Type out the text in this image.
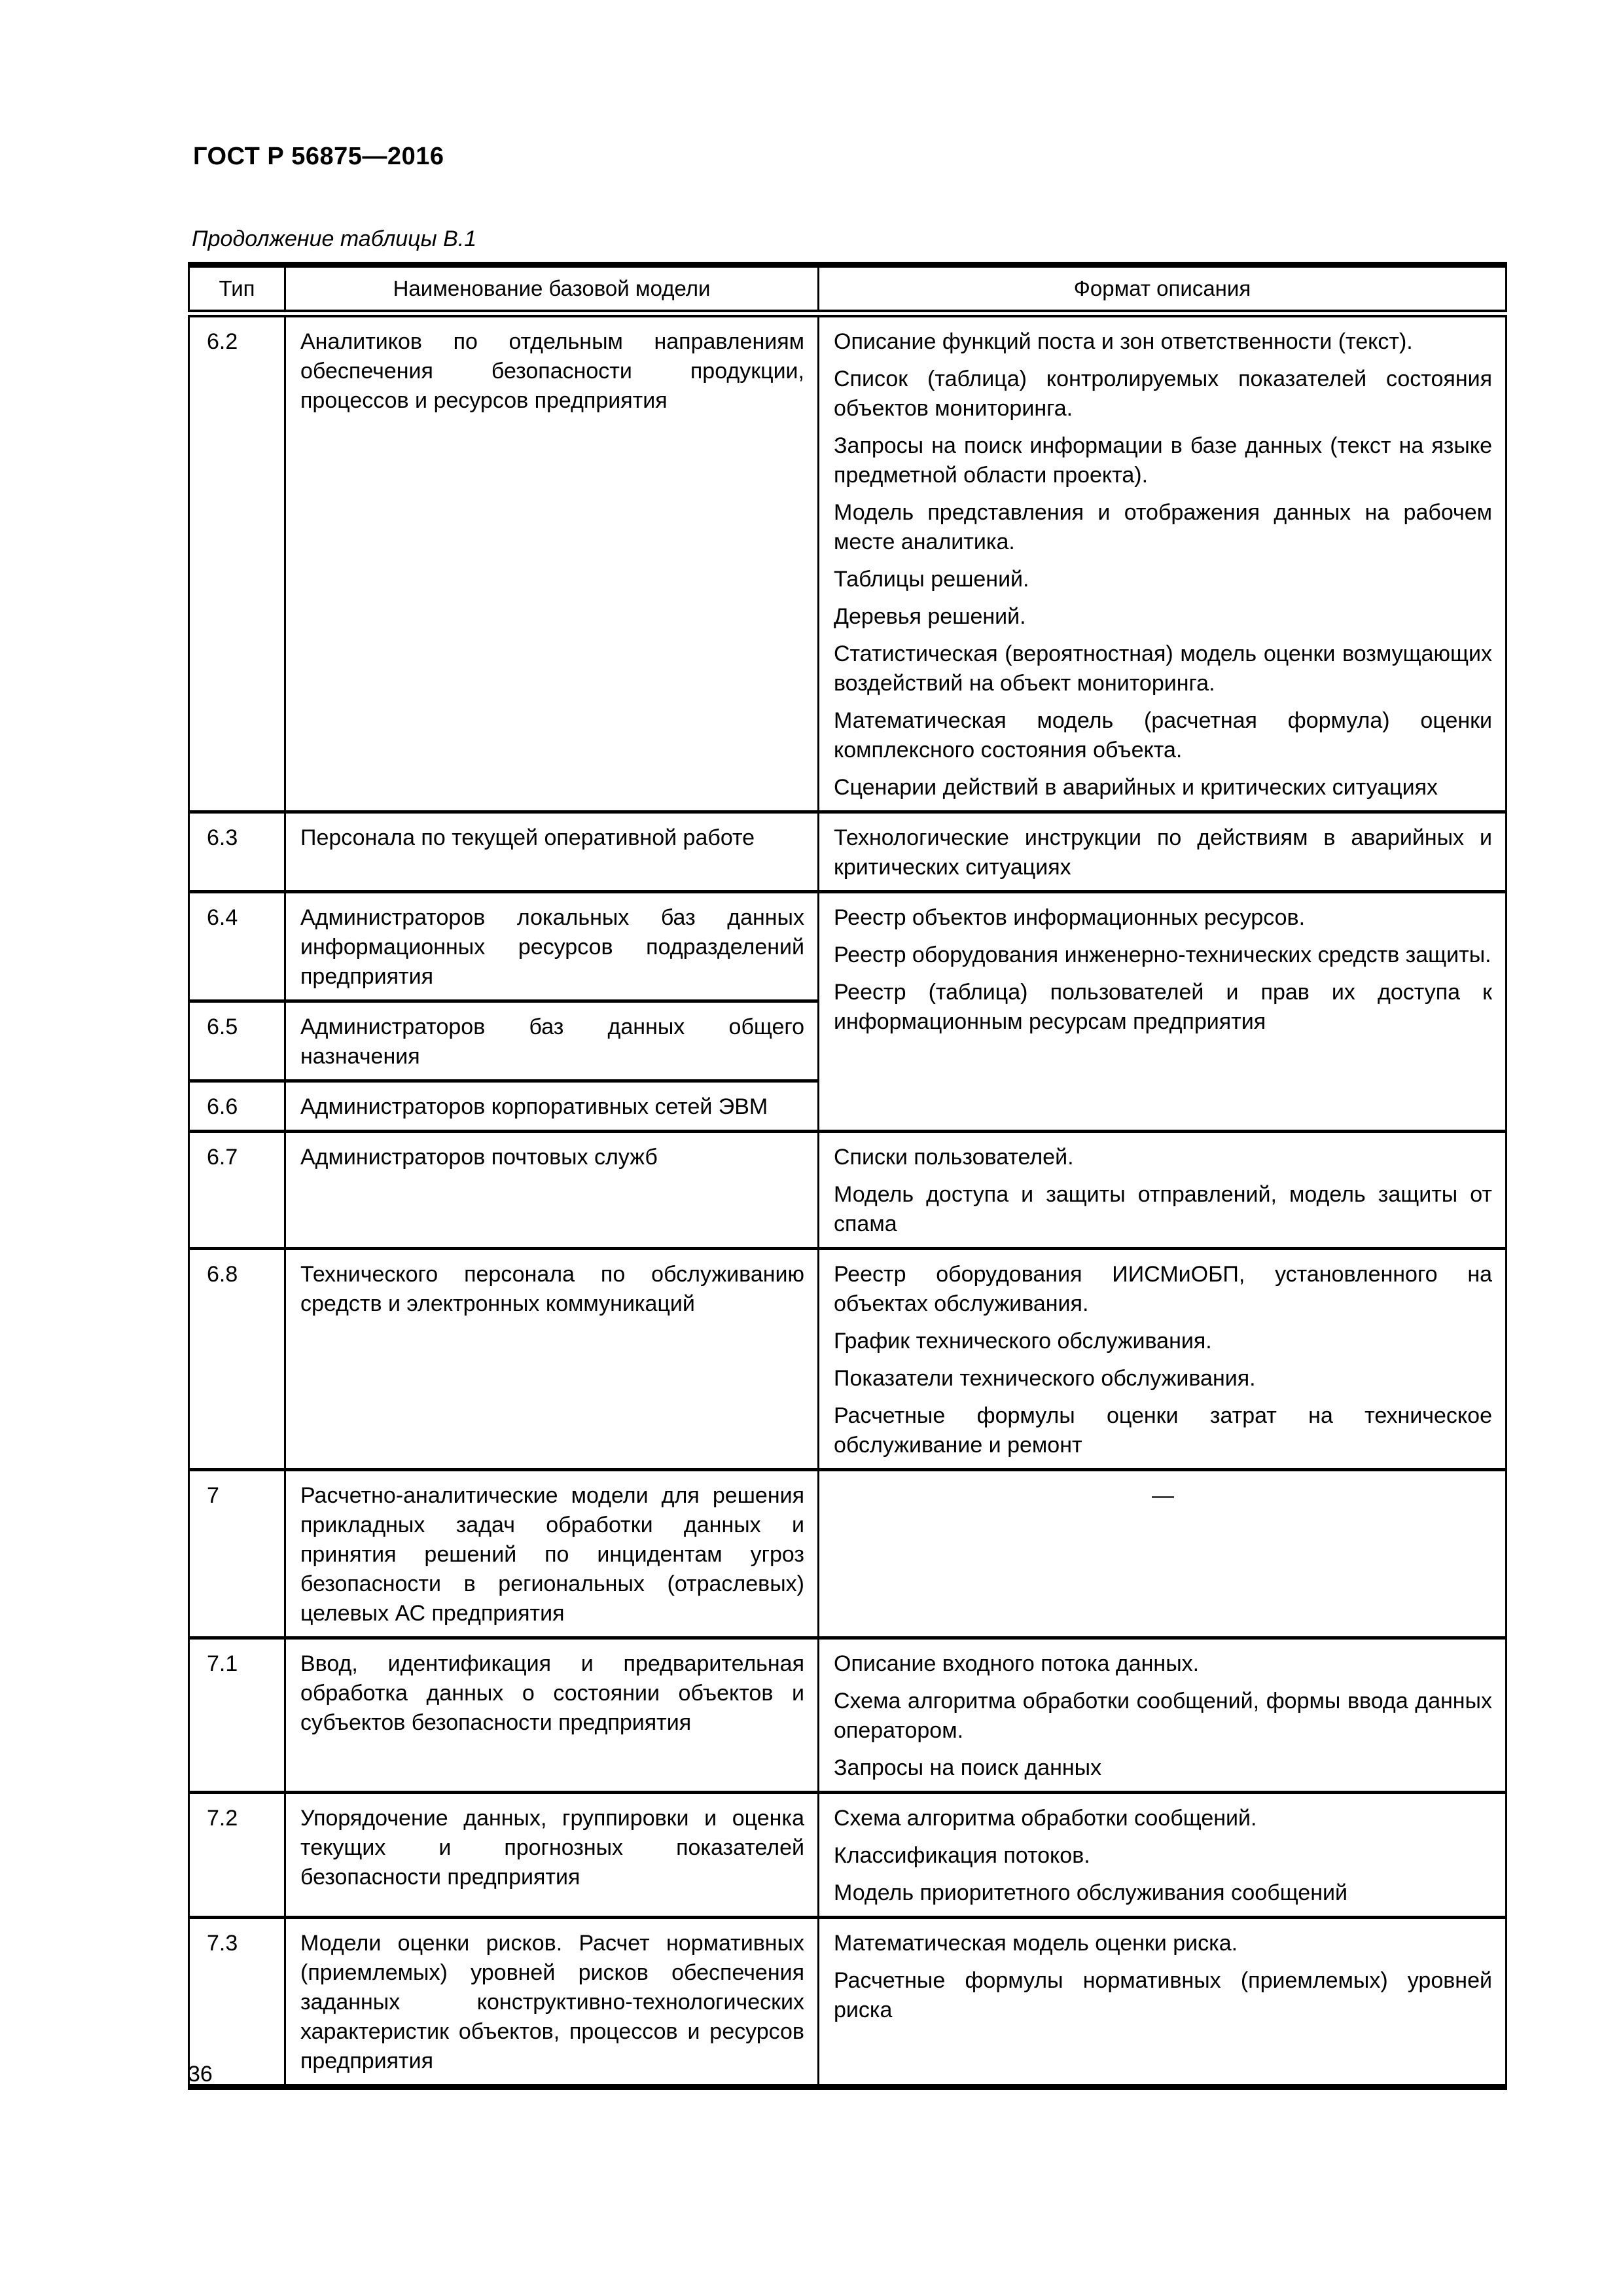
ГОСТ Р 56875—2016
Продолжение таблицы В.1
Тип	Наименование базовой модели	Формат описания
6.2	Аналитиков по отдельным направлениям обеспечения безопасности продукции, процессов и ресурсов предприятия

Описание функций поста и зон ответственности (текст).

Список (таблица) контролируемых показателей состояния объектов мониторинга.

Запросы на поиск информации в базе данных (текст на языке предметной области проекта).

Модель представления и отображения данных на рабочем месте аналитика.

Таблицы решений.

Деревья решений.

Статистическая (вероятностная) модель оценки возмущающих воздействий на объект мониторинга.

Математическая модель (расчетная формула) оценки комплексного состояния объекта.

Сценарии действий в аварийных и критических ситуациях

6.3	Персонала по текущей оперативной работе	Технологические инструкции по действиям в аварийных и критических ситуациях

6.4	Администраторов локальных баз данных информационных ресурсов подразделений предприятия	Реестр объектов информационных ресурсов.

Реестр оборудования инженерно-технических средств защиты.

Реестр (таблица) пользователей и прав их доступа к информационным ресурсам предприятия

6.5	Администраторов баз данных общего назначения	

6.6	Администраторов корпоративных сетей ЭВМ	

6.7	Администраторов почтовых служб	Списки пользователей.

Модель доступа и защиты отправлений, модель защиты от спама

6.8	Технического персонала по обслуживанию средств и электронных коммуникаций	Реестр оборудования ИИСМиОБП, установленного на объектах обслуживания.

График технического обслуживания.

Показатели технического обслуживания.

Расчетные формулы оценки затрат на техническое обслуживание и ремонт

7	Расчетно-аналитические модели для решения прикладных задач обработки данных и принятия решений по инцидентам угроз безопасности в региональных (отраслевых) целевых АС предприятия	—

7.1	Ввод, идентификация и предварительная обработка данных о состоянии объектов и субъектов безопасности предприятия	Описание входного потока данных.

Схема алгоритма обработки сообщений, формы ввода данных оператором.

Запросы на поиск данных

7.2	Упорядочение данных, группировки и оценка текущих и прогнозных показателей безопасности предприятия	Схема алгоритма обработки сообщений.

Классификация потоков.

Модель приоритетного обслуживания сообщений

7.3	Модели оценки рисков. Расчет нормативных (приемлемых) уровней рисков обеспечения заданных конструктивно-технологических характеристик объектов, процессов и ресурсов предприятия	Математическая модель оценки риска.

Расчетные формулы нормативных (приемлемых) уровней риска

36
